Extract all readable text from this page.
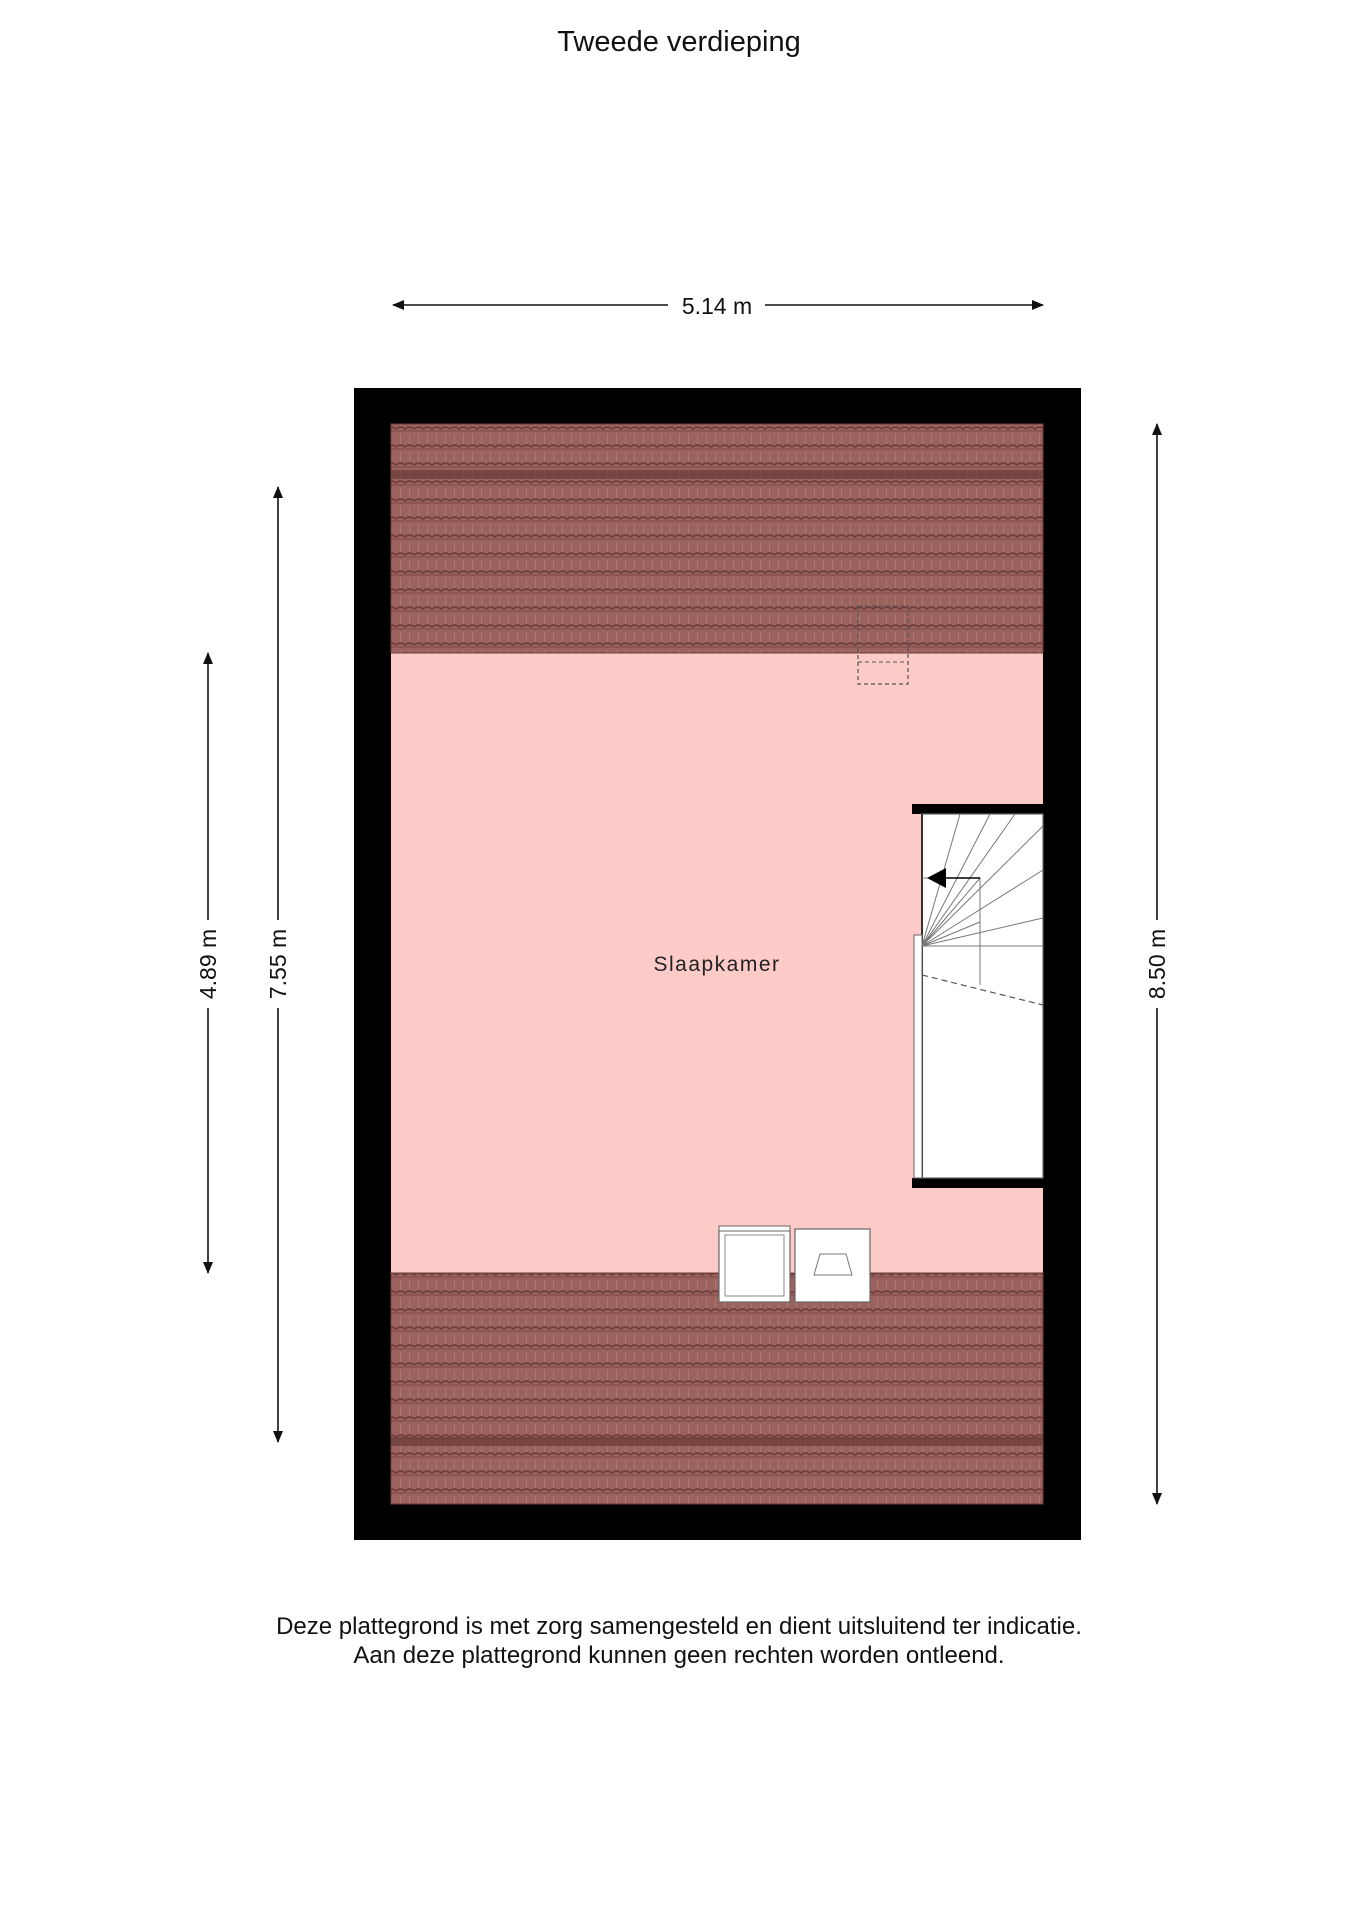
Tweede verdieping
Slaapkamer
5.14 m
4.89 m 7.55 m	8.50 m
Deze plattegrond is met zorg samengesteld en dient uitsluitend ter indicatie.
Aan deze plattegrond kunnen geen rechten worden ontleend.
